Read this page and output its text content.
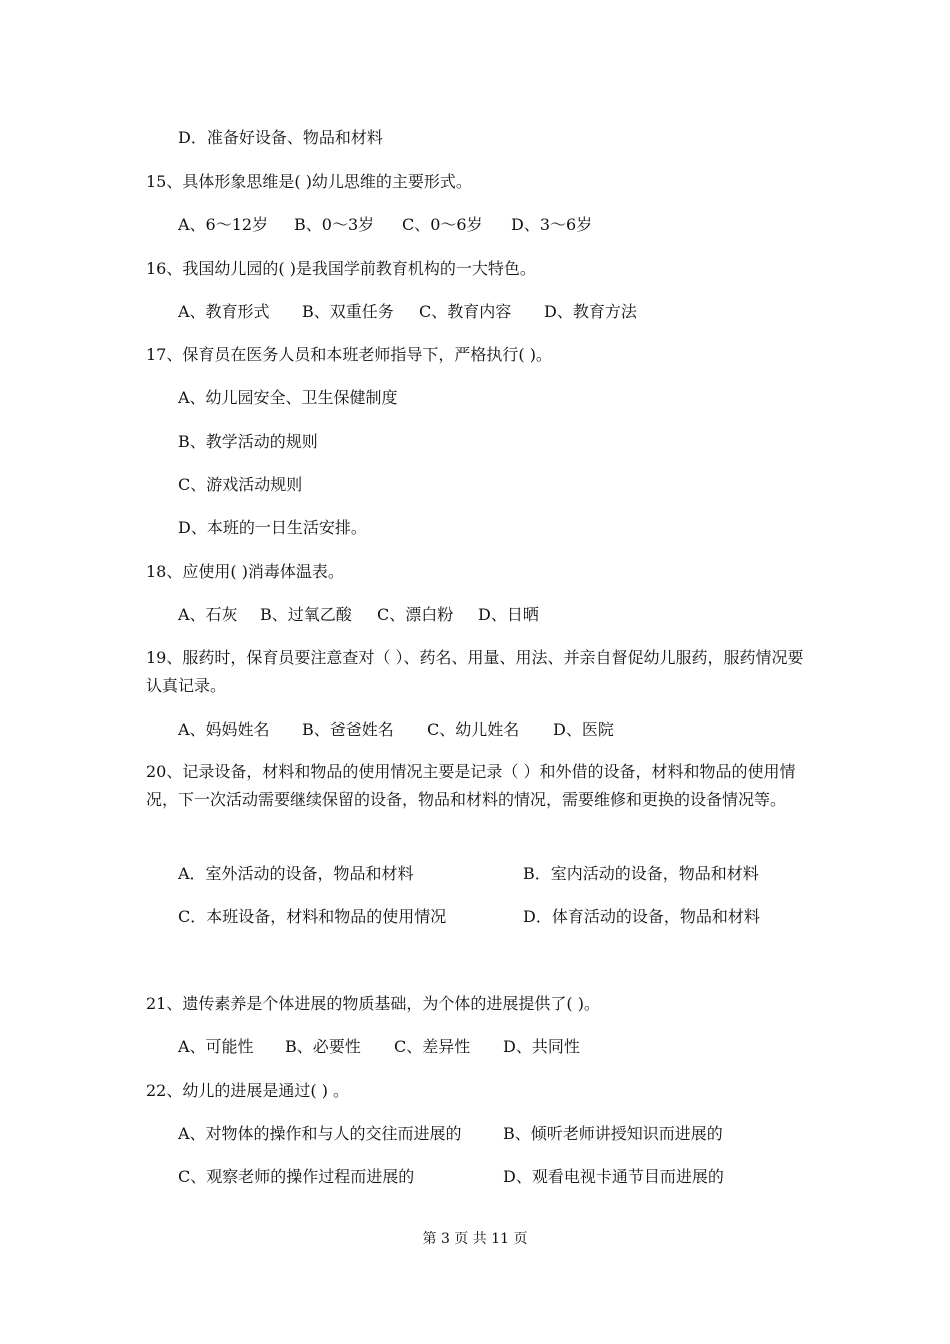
D．准备好设备、物品和材料
15、具体形象思维是( )幼儿思维的主要形式。
A、6～12岁 B、0～3岁 C、0～6岁 D、3～6岁
16、我国幼儿园的( )是我国学前教育机构的一大特色。
A、教育形式 B、双重任务 C、教育内容 D、教育方法
17、保育员在医务人员和本班老师指导下，严格执行( )。
A、幼儿园安全、卫生保健制度
B、教学活动的规则
C、游戏活动规则
D、本班的一日生活安排。
18、应使用( )消毒体温表。
A、石灰 B、过氧乙酸 C、漂白粉 D、日晒
19、服药时，保育员要注意查对（ ）、药名、用量、用法、并亲自督促幼儿服药，服药情况要认真记录。
A、妈妈姓名 B、爸爸姓名 C、幼儿姓名 D、医院
20、记录设备，材料和物品的使用情况主要是记录（ ）和外借的设备，材料和物品的使用情况，下一次活动需要继续保留的设备，物品和材料的情况，需要维修和更换的设备情况等。
A．室外活动的设备，物品和材料	B．室内活动的设备，物品和材料
C．本班设备，材料和物品的使用情况	D．体育活动的设备，物品和材料
21、遗传素养是个体进展的物质基础，为个体的进展提供了( )。
A、可能性 B、必要性 C、差异性 D、共同性
22、幼儿的进展是通过( ) 。
A、对物体的操作和与人的交往而进展的	B、倾听老师讲授知识而进展的
C、观察老师的操作过程而进展的	D、观看电视卡通节目而进展的
第 3 页 共 11 页
